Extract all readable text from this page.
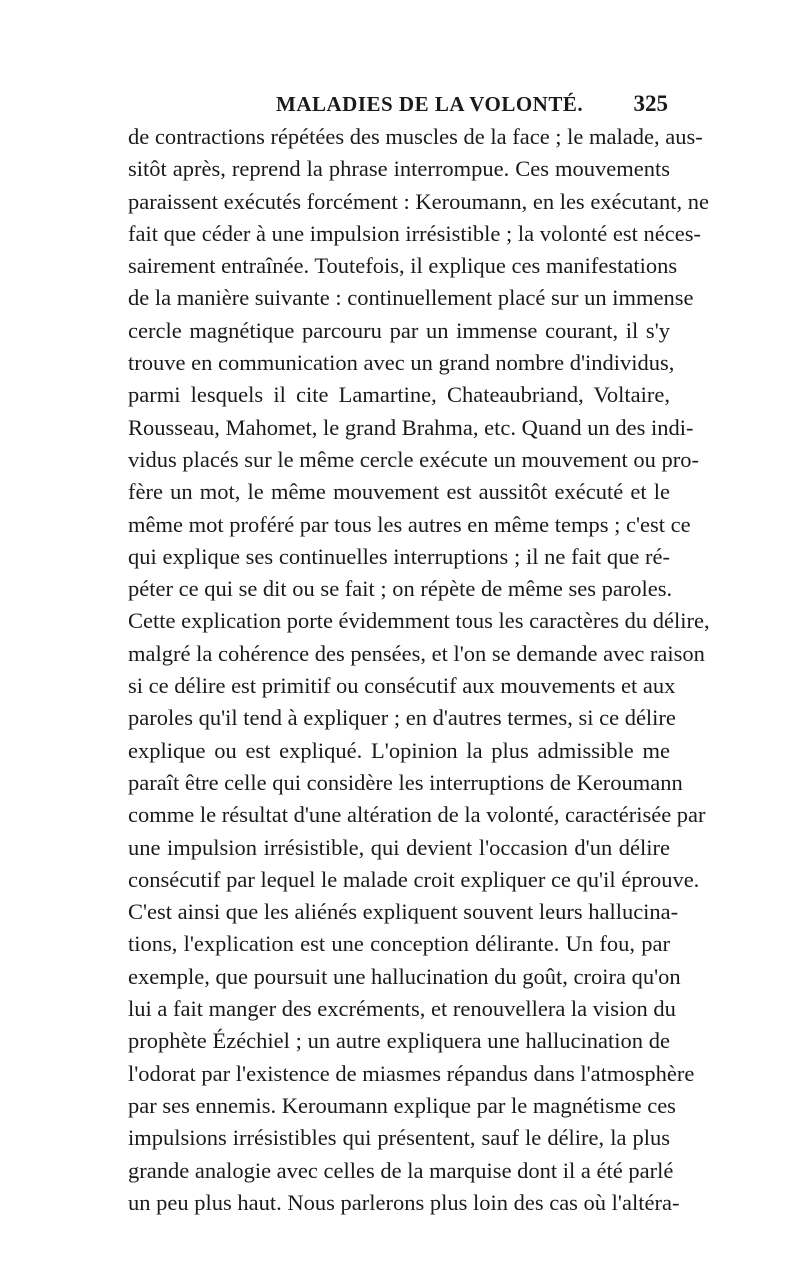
MALADIES DE LA VOLONTÉ. 325
de contractions répétées des muscles de la face ; le malade, aus-
sitôt après, reprend la phrase interrompue. Ces mouvements
paraissent exécutés forcément : Keroumann, en les exécutant, ne
fait que céder à une impulsion irrésistible ; la volonté est néces-
sairement entraînée. Toutefois, il explique ces manifestations
de la manière suivante : continuellement placé sur un immense
cercle magnétique parcouru par un immense courant, il s'y
trouve en communication avec un grand nombre d'individus,
parmi lesquels il cite Lamartine, Chateaubriand, Voltaire,
Rousseau, Mahomet, le grand Brahma, etc. Quand un des indi-
vidus placés sur le même cercle exécute un mouvement ou pro-
fère un mot, le même mouvement est aussitôt exécuté et le
même mot proféré par tous les autres en même temps ; c'est ce
qui explique ses continuelles interruptions ; il ne fait que ré-
péter ce qui se dit ou se fait ; on répète de même ses paroles.
Cette explication porte évidemment tous les caractères du délire,
malgré la cohérence des pensées, et l'on se demande avec raison
si ce délire est primitif ou consécutif aux mouvements et aux
paroles qu'il tend à expliquer ; en d'autres termes, si ce délire
explique ou est expliqué. L'opinion la plus admissible me
paraît être celle qui considère les interruptions de Keroumann
comme le résultat d'une altération de la volonté, caractérisée par
une impulsion irrésistible, qui devient l'occasion d'un délire
consécutif par lequel le malade croit expliquer ce qu'il éprouve.
C'est ainsi que les aliénés expliquent souvent leurs hallucina-
tions, l'explication est une conception délirante. Un fou, par
exemple, que poursuit une hallucination du goût, croira qu'on
lui a fait manger des excréments, et renouvellera la vision du
prophète Ézéchiel ; un autre expliquera une hallucination de
l'odorat par l'existence de miasmes répandus dans l'atmosphère
par ses ennemis. Keroumann explique par le magnétisme ces
impulsions irrésistibles qui présentent, sauf le délire, la plus
grande analogie avec celles de la marquise dont il a été parlé
un peu plus haut. Nous parlerons plus loin des cas où l'altéra-
